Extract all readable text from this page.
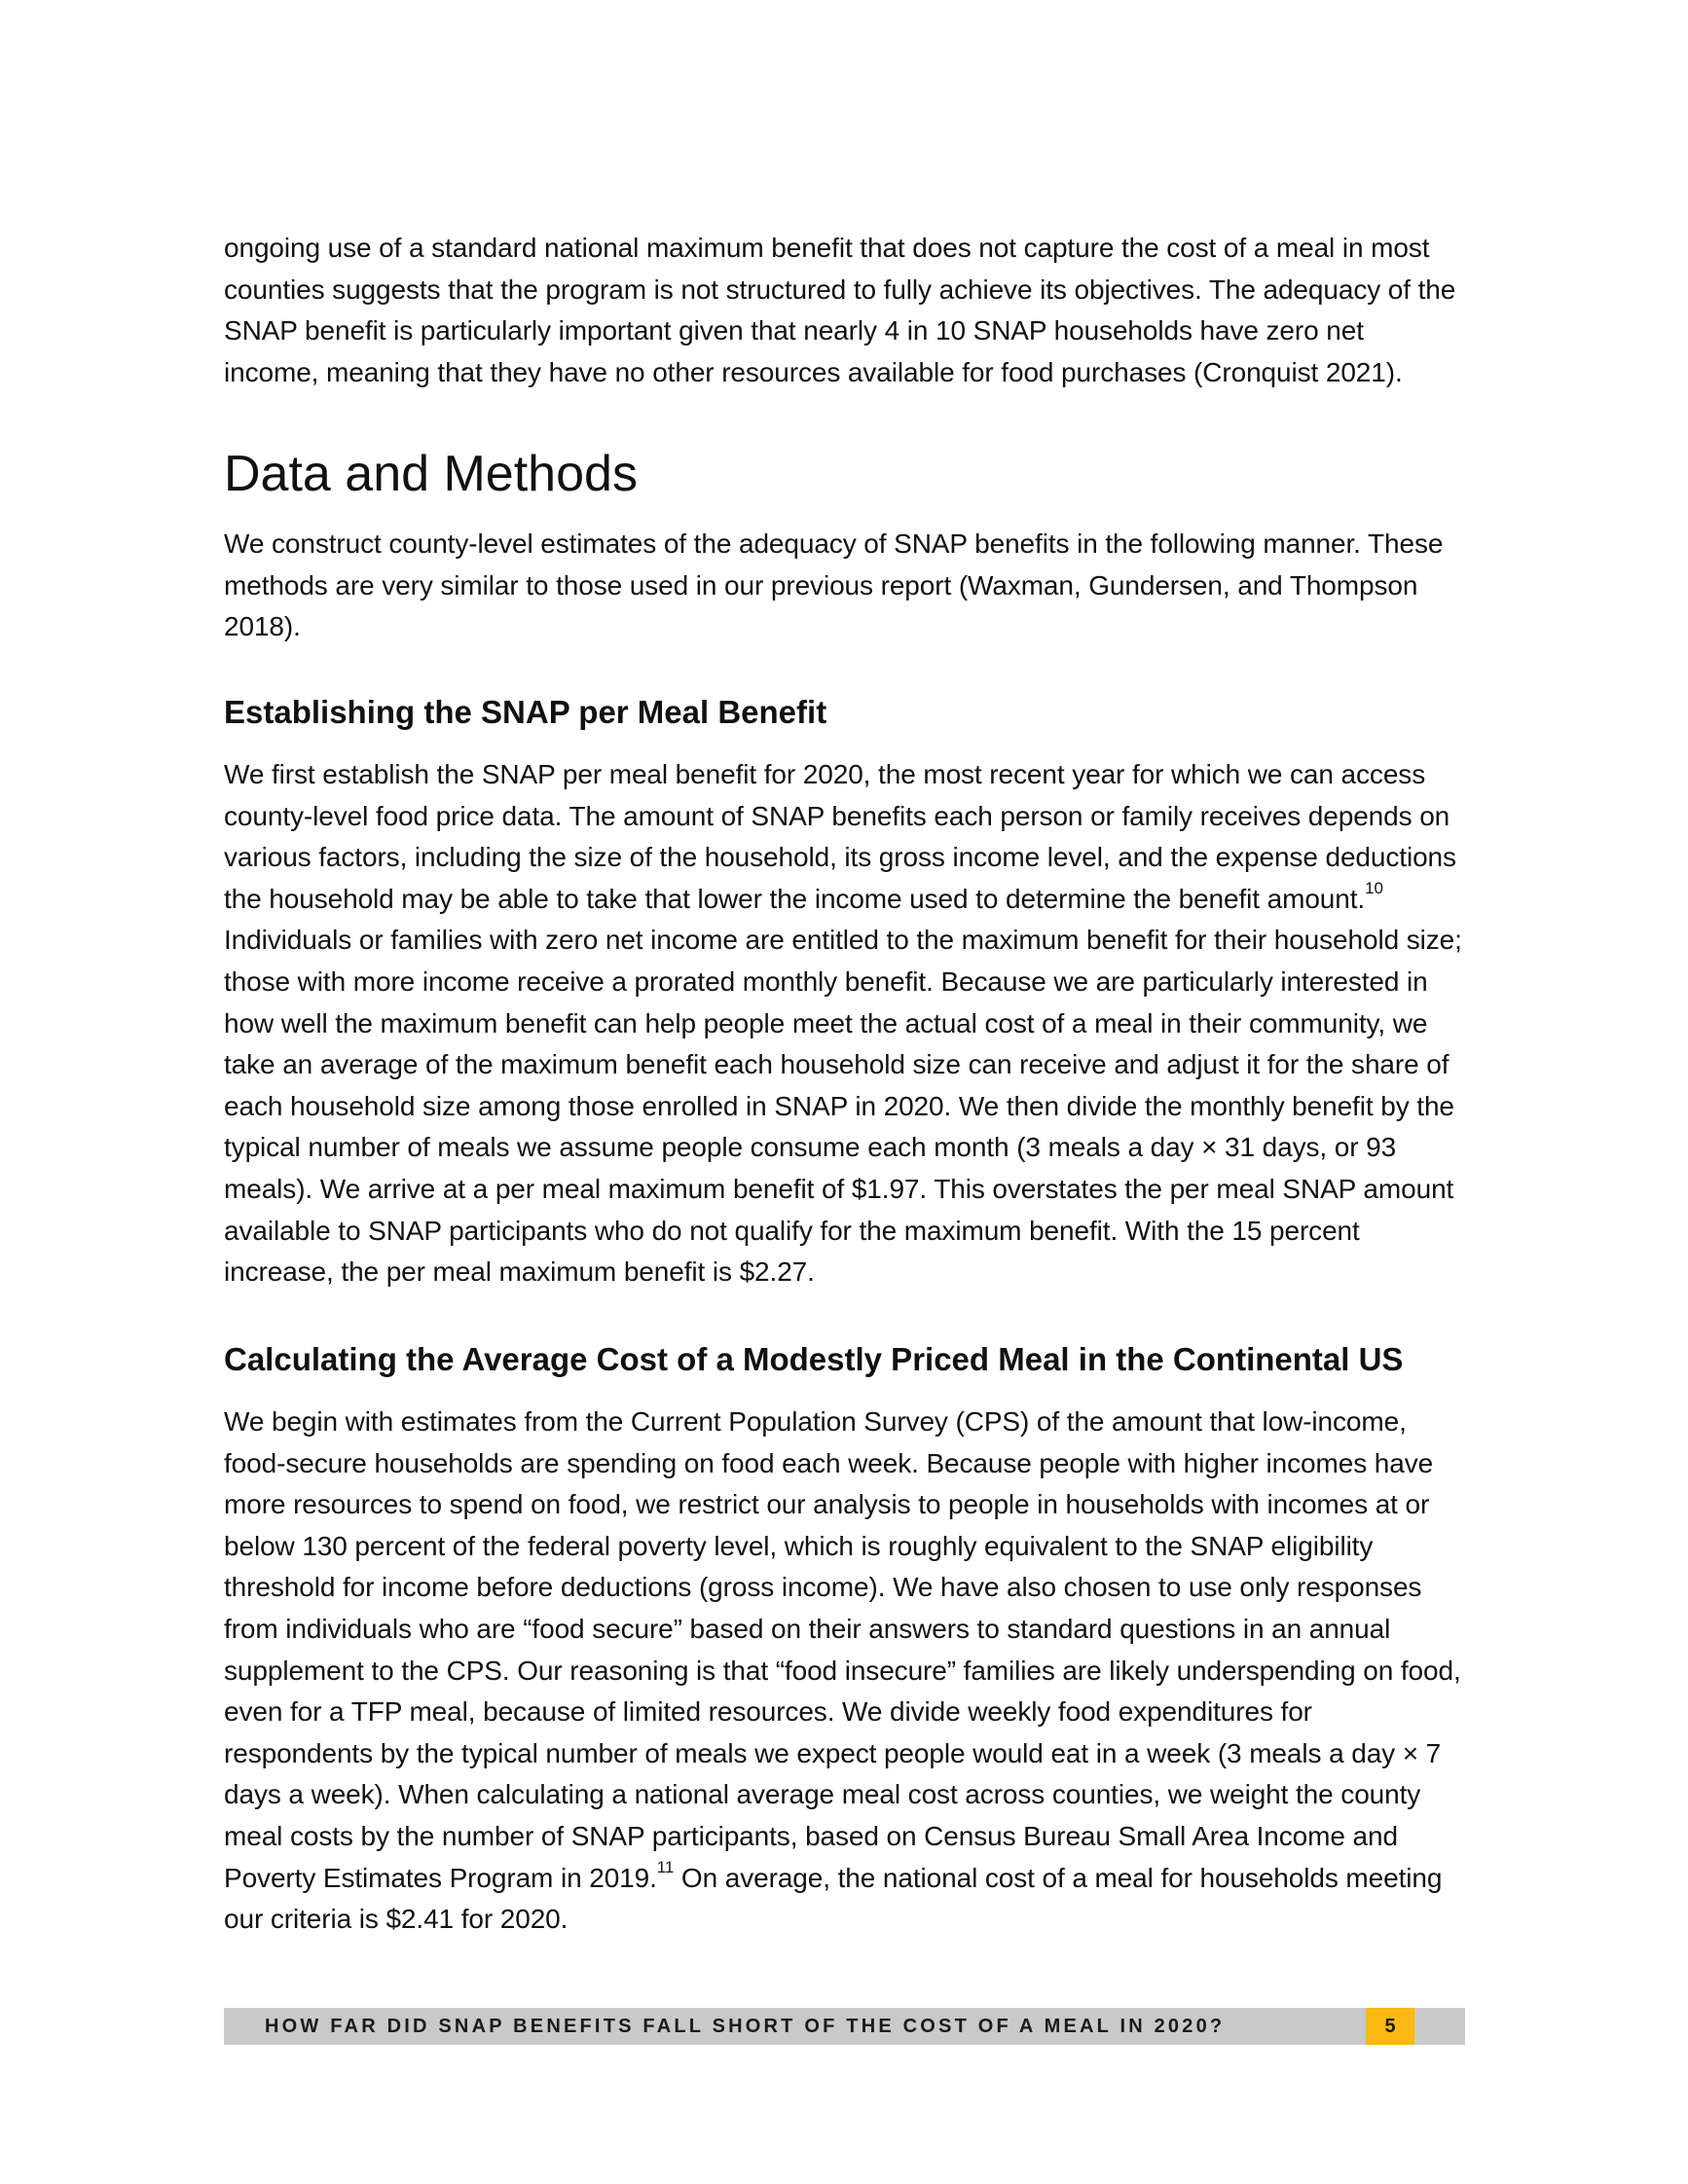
ongoing use of a standard national maximum benefit that does not capture the cost of a meal in most counties suggests that the program is not structured to fully achieve its objectives. The adequacy of the SNAP benefit is particularly important given that nearly 4 in 10 SNAP households have zero net income, meaning that they have no other resources available for food purchases (Cronquist 2021).

Data and Methods

We construct county-level estimates of the adequacy of SNAP benefits in the following manner. These methods are very similar to those used in our previous report (Waxman, Gundersen, and Thompson 2018).

Establishing the SNAP per Meal Benefit

We first establish the SNAP per meal benefit for 2020, the most recent year for which we can access county-level food price data. The amount of SNAP benefits each person or family receives depends on various factors, including the size of the household, its gross income level, and the expense deductions the household may be able to take that lower the income used to determine the benefit amount.$^{10}$ Individuals or families with zero net income are entitled to the maximum benefit for their household size; those with more income receive a prorated monthly benefit. Because we are particularly interested in how well the maximum benefit can help people meet the actual cost of a meal in their community, we take an average of the maximum benefit each household size can receive and adjust it for the share of each household size among those enrolled in SNAP in 2020. We then divide the monthly benefit by the typical number of meals we assume people consume each month (3 meals a day × 31 days, or 93 meals). We arrive at a per meal maximum benefit of $1.97. This overstates the per meal SNAP amount available to SNAP participants who do not qualify for the maximum benefit. With the 15 percent increase, the per meal maximum benefit is $2.27.

Calculating the Average Cost of a Modestly Priced Meal in the Continental US

We begin with estimates from the Current Population Survey (CPS) of the amount that low-income, food-secure households are spending on food each week. Because people with higher incomes have more resources to spend on food, we restrict our analysis to people in households with incomes at or below 130 percent of the federal poverty level, which is roughly equivalent to the SNAP eligibility threshold for income before deductions (gross income). We have also chosen to use only responses from individuals who are “food secure” based on their answers to standard questions in an annual supplement to the CPS. Our reasoning is that “food insecure” families are likely underspending on food, even for a TFP meal, because of limited resources. We divide weekly food expenditures for respondents by the typical number of meals we expect people would eat in a week (3 meals a day × 7 days a week). When calculating a national average meal cost across counties, we weight the county meal costs by the number of SNAP participants, based on Census Bureau Small Area Income and Poverty Estimates Program in 2019.11 On average, the national cost of a meal for households meeting our criteria is $2.41 for 2020.

HOW FAR DID SNAP BENEFITS FALL SHORT OF THE COST OF A MEAL IN 2020?	5
